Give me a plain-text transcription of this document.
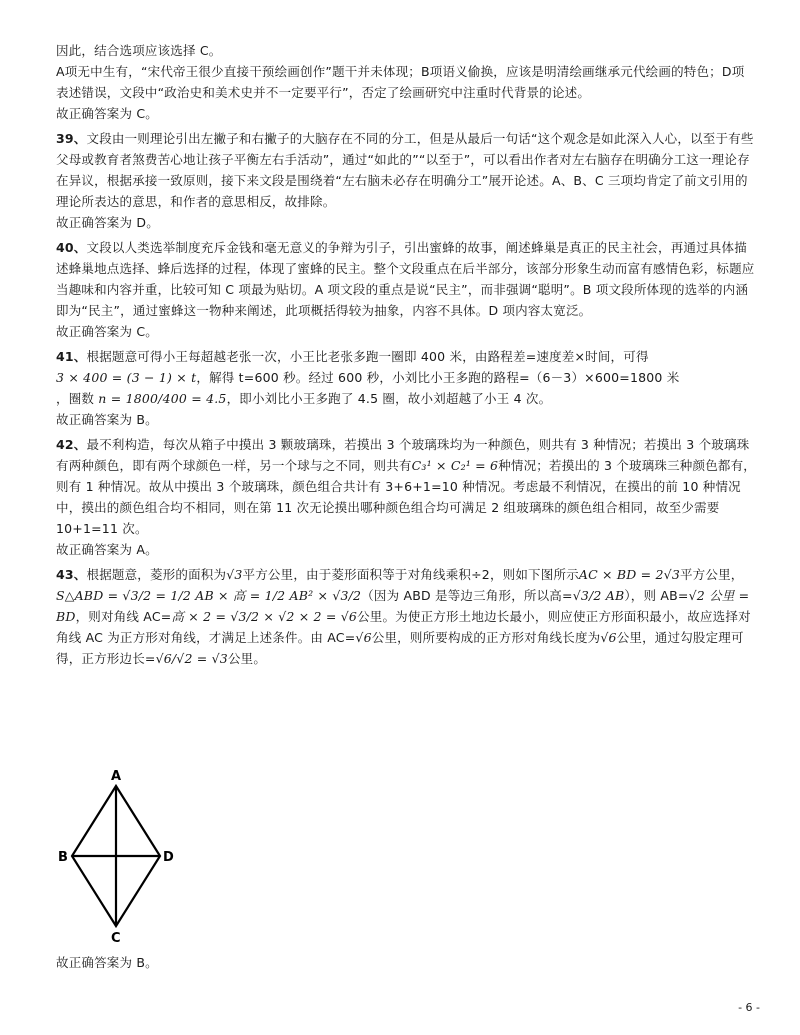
因此，结合选项应该选择 C。

A项无中生有，“宋代帝王很少直接干预绘画创作”题干并未体现；B项语义偷换，应该是明清绘画继承元代绘画的特色；D项表述错误，文段中“政治史和美术史并不一定要平行”，否定了绘画研究中注重时代背景的论述。

故正确答案为 C。

39、文段由一则理论引出左撇子和右撇子的大脑存在不同的分工，但是从最后一句话“这个观念是如此深入人心，以至于有些父母或教育者煞费苦心地让孩子平衡左右手活动”，通过“如此的”“以至于”，可以看出作者对左右脑存在明确分工这一理论存在异议，根据承接一致原则，接下来文段是围绕着“左右脑未必存在明确分工”展开论述。A、B、C 三项均肯定了前文引用的理论所表达的意思，和作者的意思相反，故排除。

故正确答案为 D。

40、文段以人类选举制度充斥金钱和毫无意义的争辩为引子，引出蜜蜂的故事，阐述蜂巢是真正的民主社会，再通过具体描述蜂巢地点选择、蜂后选择的过程，体现了蜜蜂的民主。整个文段重点在后半部分，该部分形象生动而富有感情色彩，标题应当趣味和内容并重，比较可知 C 项最为贴切。A 项文段的重点是说“民主”，而非强调“聪明”。B 项文段所体现的选举的内涵即为“民主”，通过蜜蜂这一物种来阐述，此项概括得较为抽象，内容不具体。D 项内容太宽泛。

故正确答案为 C。

41、根据题意可得小王每超越老张一次，小王比老张多跑一圈即 400 米，由路程差=速度差×时间，可得
3 × 400 = (3 − 1) × t，解得 t=600 秒。经过 600 秒，小刘比小王多跑的路程=（6－3）×600=1800 米
，圈数 n = 1800/400 = 4.5，即小刘比小王多跑了 4.5 圈，故小刘超越了小王 4 次。

故正确答案为 B。

42、最不利构造，每次从箱子中摸出 3 颗玻璃珠，若摸出 3 个玻璃珠均为一种颜色，则共有 3 种情况；若摸出 3 个玻璃珠有两种颜色，即有两个球颜色一样，另一个球与之不同，则共有C₃¹ × C₂¹ = 6种情况；若摸出的 3 个玻璃珠三种颜色都有，则有 1 种情况。故从中摸出 3 个玻璃珠，颜色组合共计有 3+6+1=10 种情况。考虑最不利情况，在摸出的前 10 种情况中，摸出的颜色组合均不相同，则在第 11 次无论摸出哪种颜色组合均可满足 2 组玻璃珠的颜色组合相同，故至少需要 10+1=11 次。

故正确答案为 A。

43、根据题意，菱形的面积为√3平方公里，由于菱形面积等于对角线乘积÷2，则如下图所示AC × BD = 2√3平方公里，S△ABD = √3/2 = 1/2 AB × 高 = 1/2 AB² × √3/2（因为 ABD 是等边三角形，所以高=√3/2 AB），则 AB=√2 公里 = BD，则对角线 AC=高 × 2 = √3/2 × √2 × 2 = √6公里。为使正方形土地边长最小，则应使正方形面积最小，故应选择对角线 AC 为正方形对角线，才满足上述条件。由 AC=√6公里，则所要构成的正方形对角线长度为√6公里，通过勾股定理可得，正方形边长=√6/√2 = √3公里。

A
B
C
D

故正确答案为 B。

- 6 -
